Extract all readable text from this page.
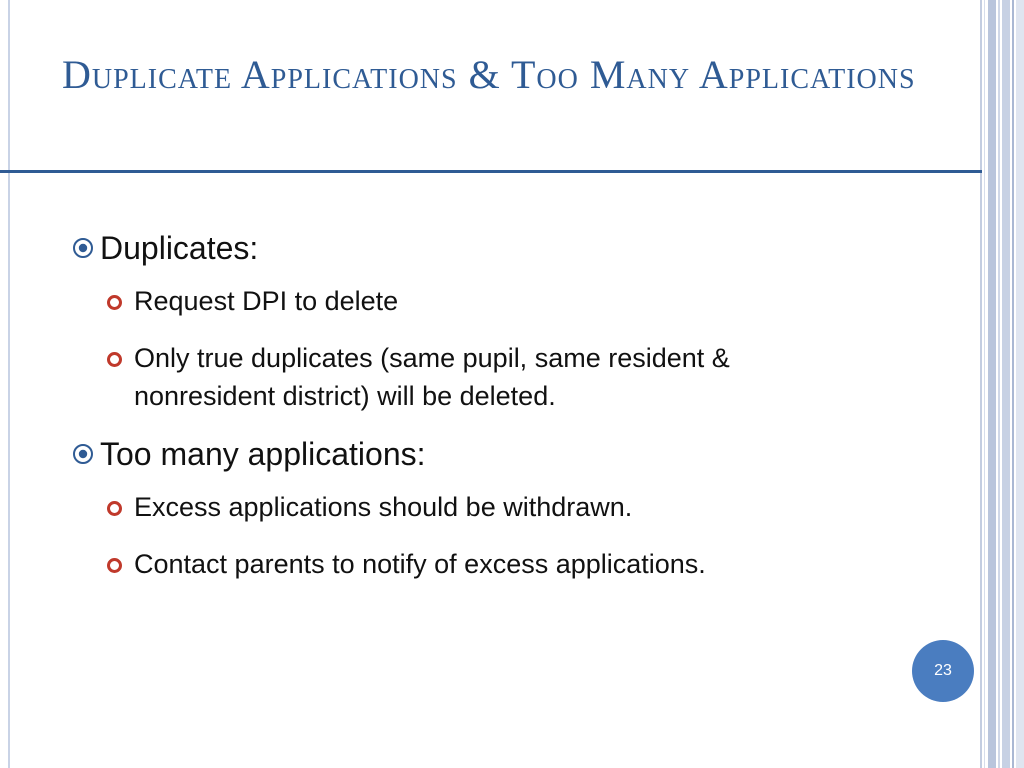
Duplicate Applications & Too Many Applications
Duplicates:
Request DPI to delete
Only true duplicates (same pupil, same resident & nonresident district) will be deleted.
Too many applications:
Excess applications should be withdrawn.
Contact parents to notify of excess applications.
23
